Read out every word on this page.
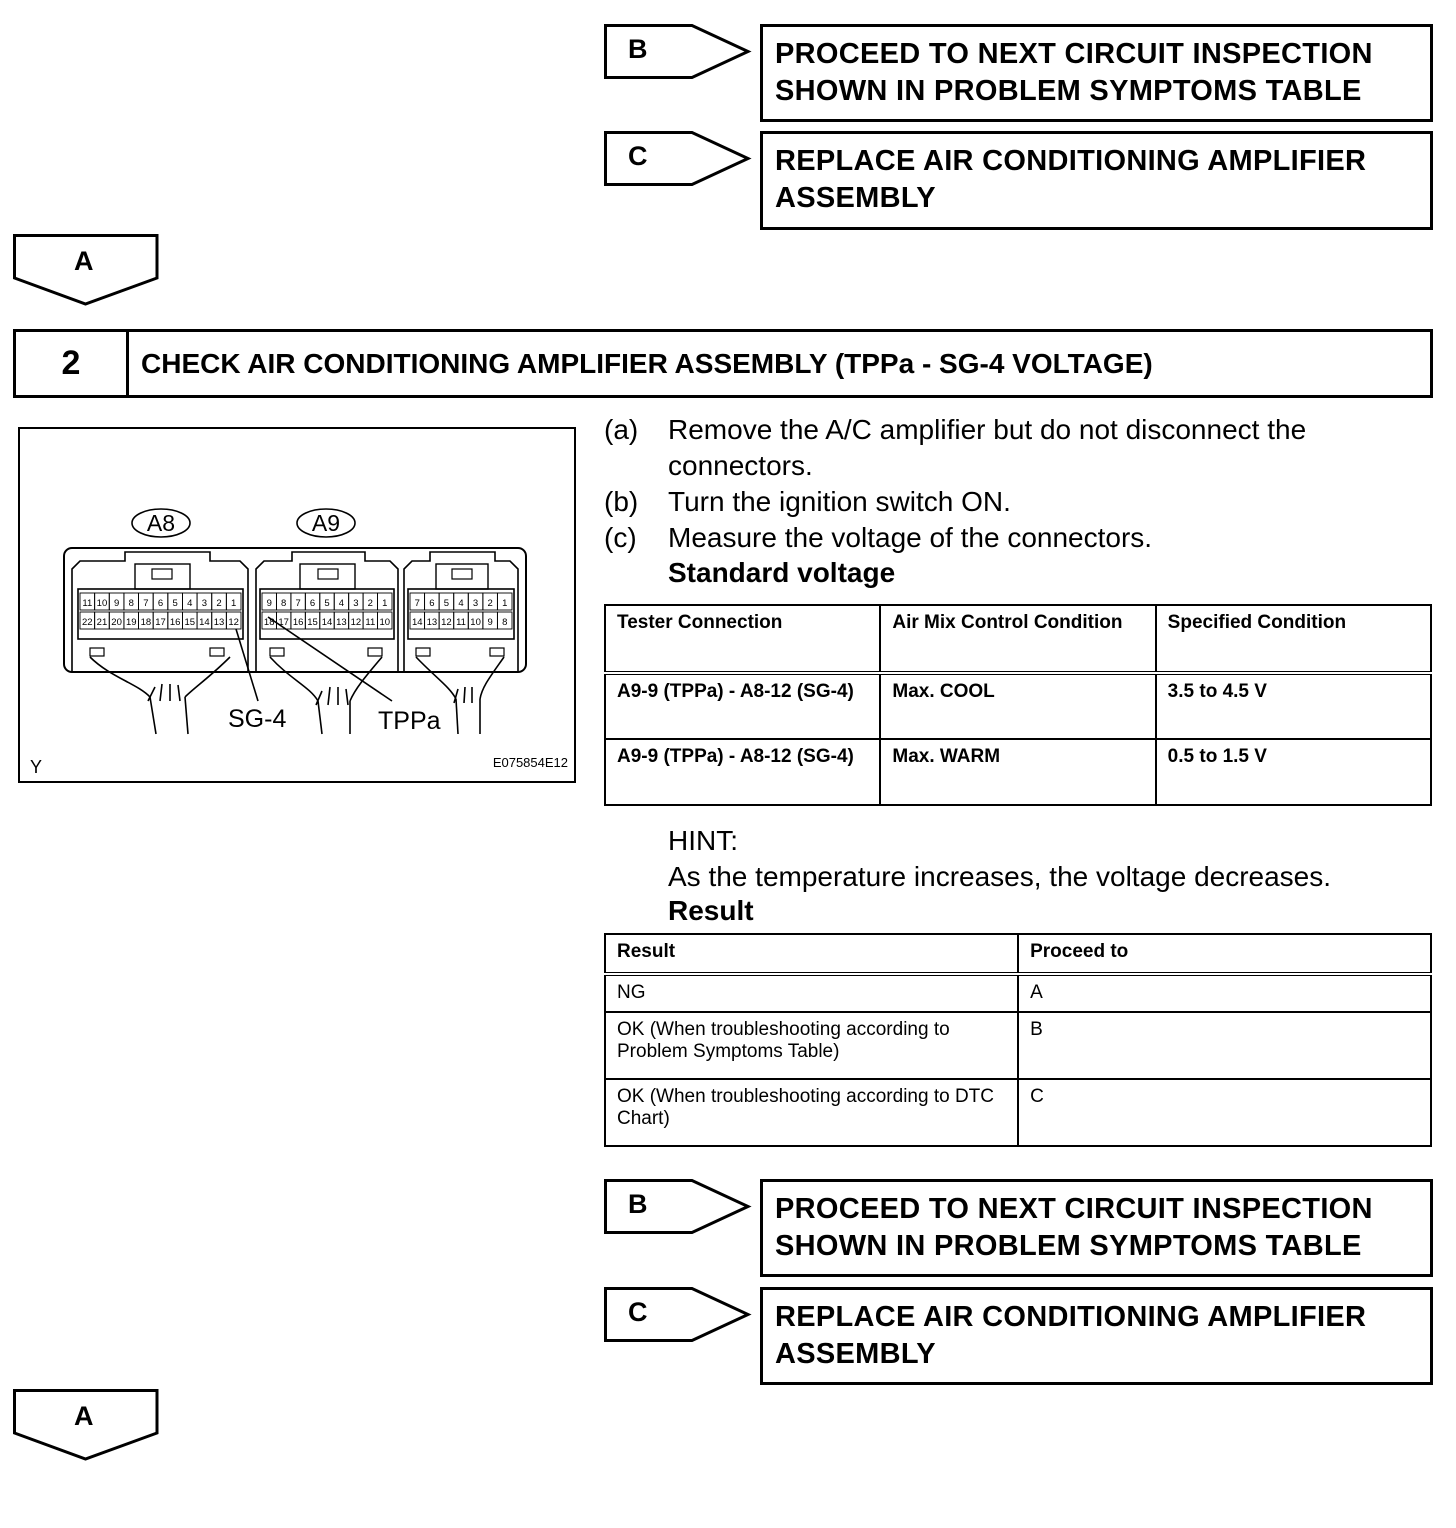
B	PROCEED TO NEXT CIRCUIT INSPECTION
SHOWN IN PROBLEM SYMPTOMS TABLE
C	REPLACE AIR CONDITIONING AMPLIFIER
ASSEMBLY
A
2	CHECK AIR CONDITIONING AMPLIFIER ASSEMBLY (TPPa - SG-4 VOLTAGE)
A8	A9
11 10 9 8 7 6 5 4 3 2 1
22 21 20 19 18 17 16 15 14 13 12
9 8 7 6 5 4 3 2 1
18 17 16 15 14 13 12 11 10
7 6 5 4 3 2 1
14 13 12 11 10 9 8
SG-4	TPPa
Y	E075854E12
(a)	Remove the A/C amplifier but do not disconnect the
connectors.
(b)	Turn the ignition switch ON.
(c)	Measure the voltage of the connectors.
Standard voltage
Tester Connection	Air Mix Control Condition	Specified Condition
A9-9 (TPPa) - A8-12 (SG-4)	Max. COOL	3.5 to 4.5 V
A9-9 (TPPa) - A8-12 (SG-4)	Max. WARM	0.5 to 1.5 V
HINT:
As the temperature increases, the voltage decreases.
Result
Result	Proceed to
NG	A
OK (When troubleshooting according to Problem Symptoms Table)	B
OK (When troubleshooting according to DTC Chart)	C
B	PROCEED TO NEXT CIRCUIT INSPECTION
SHOWN IN PROBLEM SYMPTOMS TABLE
C	REPLACE AIR CONDITIONING AMPLIFIER
ASSEMBLY
A
